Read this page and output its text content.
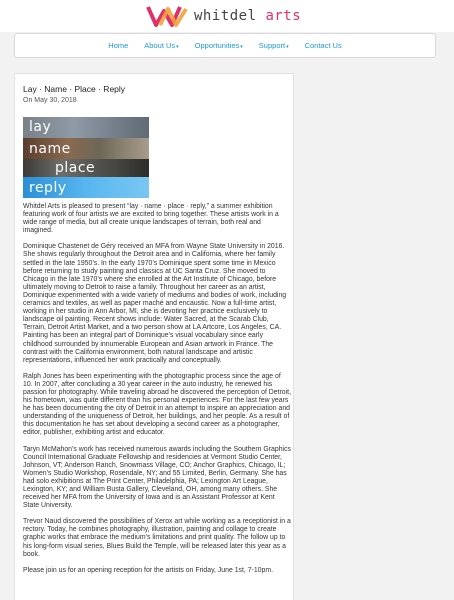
whitdel arts
Home About Us▾ Opportunities▾ Support▾ Contact Us
Lay · Name · Place · Reply
On May 30, 2018
lay
name
place
reply

Whitdel Arts is pleased to present “lay · name · place · reply,” a summer exhibition featuring work of four artists we are excited to bring together. These artists work in a wide range of media, but all create unique landscapes of terrain, both real and imagined.

Dominique Chastenet de Géry received an MFA from Wayne State University in 2016. She shows regularly throughout the Detroit area and in California, where her family settled in the late 1950’s. In the early 1970’s Dominique spent some time in Mexico before returning to study painting and classics at UC Santa Cruz. She moved to Chicago in the late 1970’s where she enrolled at the Art Institute of Chicago, before ultimately moving to Detroit to raise a family. Throughout her career as an artist, Dominique experimented with a wide variety of mediums and bodies of work, including ceramics and textiles, as well as paper maché and encaustic. Now a full-time artist, working in her studio in Ann Arbor, MI, she is devoting her practice exclusively to landscape oil painting. Recent shows include: Water Sacred, at the Scarab Club, Terrain, Detroit Artist Market, and a two person show at LA Artcore, Los Angeles, CA. Painting has been an integral part of Dominique’s visual vocabulary since early childhood surrounded by innumerable European and Asian artwork in France. The contrast with the California environment, both natural landscape and artistic representations, influenced her work practically and conceptually.

Ralph Jones has been experimenting with the photographic process since the age of 10. In 2007, after concluding a 30 year career in the auto industry, he renewed his passion for photography. While traveling abroad he discovered the perception of Detroit, his hometown, was quite different than his personal experiences. For the last few years he has been documenting the city of Detroit in an attempt to inspire an appreciation and understanding of the uniqueness of Detroit, her buildings, and her people. As a result of this documentation he has set about developing a second career as a photographer, editor, publisher, exhibiting artist and educator.

Taryn McMahon’s work has received numerous awards including the Southern Graphics Council International Graduate Fellowship and residencies at Vermont Studio Center, Johnson, VT; Anderson Ranch, Snowmass Village, CO; Anchor Graphics, Chicago, IL; Women’s Studio Workshop, Rosendale, NY; and 55 Limited, Berlin, Germany. She has had solo exhibitions at The Print Center, Philadelphia, PA; Lexington Art League, Lexington, KY; and William Busta Gallery, Cleveland, OH, among many others. She received her MFA from the University of Iowa and is an Assistant Professor at Kent State University.

Trevor Naud discovered the possibilities of Xerox art while working as a receptionist in a rectory. Today, he combines photography, illustration, painting and collage to create graphic works that embrace the medium’s limitations and print quality. The follow up to his long-form visual series, Blues Build the Temple, will be released later this year as a book.

Please join us for an opening reception for the artists on Friday, June 1st, 7-10pm.
